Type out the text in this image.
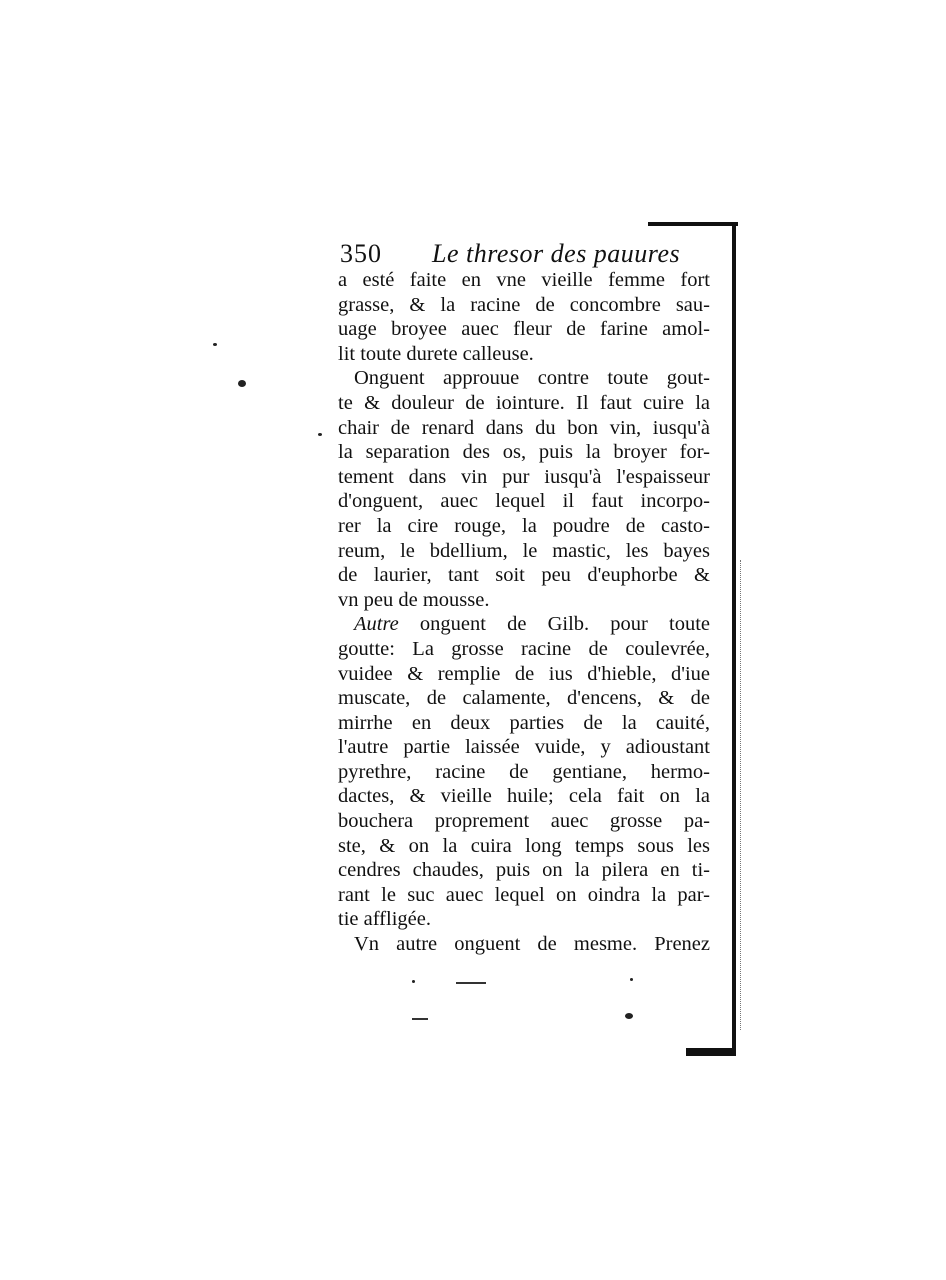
350 Le thresor des pauures
a esté faite en vne vieille femme fort
grasse, & la racine de concombre sau-
uage broyee auec fleur de farine amol-
lit toute durete calleuse.
Onguent approuue contre toute gout-
te & douleur de iointure. Il faut cuire la
chair de renard dans du bon vin, iusqu'à
la separation des os, puis la broyer for-
tement dans vin pur iusqu'à l'espaisseur
d'onguent, auec lequel il faut incorpo-
rer la cire rouge, la poudre de casto-
reum, le bdellium, le mastic, les bayes
de laurier, tant soit peu d'euphorbe &
vn peu de mousse.
Autre onguent de Gilb. pour toute
goutte: La grosse racine de coulevrée,
vuidee & remplie de ius d'hieble, d'iue
muscate, de calamente, d'encens, & de
mirrhe en deux parties de la cauité,
l'autre partie laissée vuide, y adioustant
pyrethre, racine de gentiane, hermo-
dactes, & vieille huile; cela fait on la
bouchera proprement auec grosse pa-
ste, & on la cuira long temps sous les
cendres chaudes, puis on la pilera en ti-
rant le suc auec lequel on oindra la par-
tie affligée.
Vn autre onguent de mesme. Prenez
